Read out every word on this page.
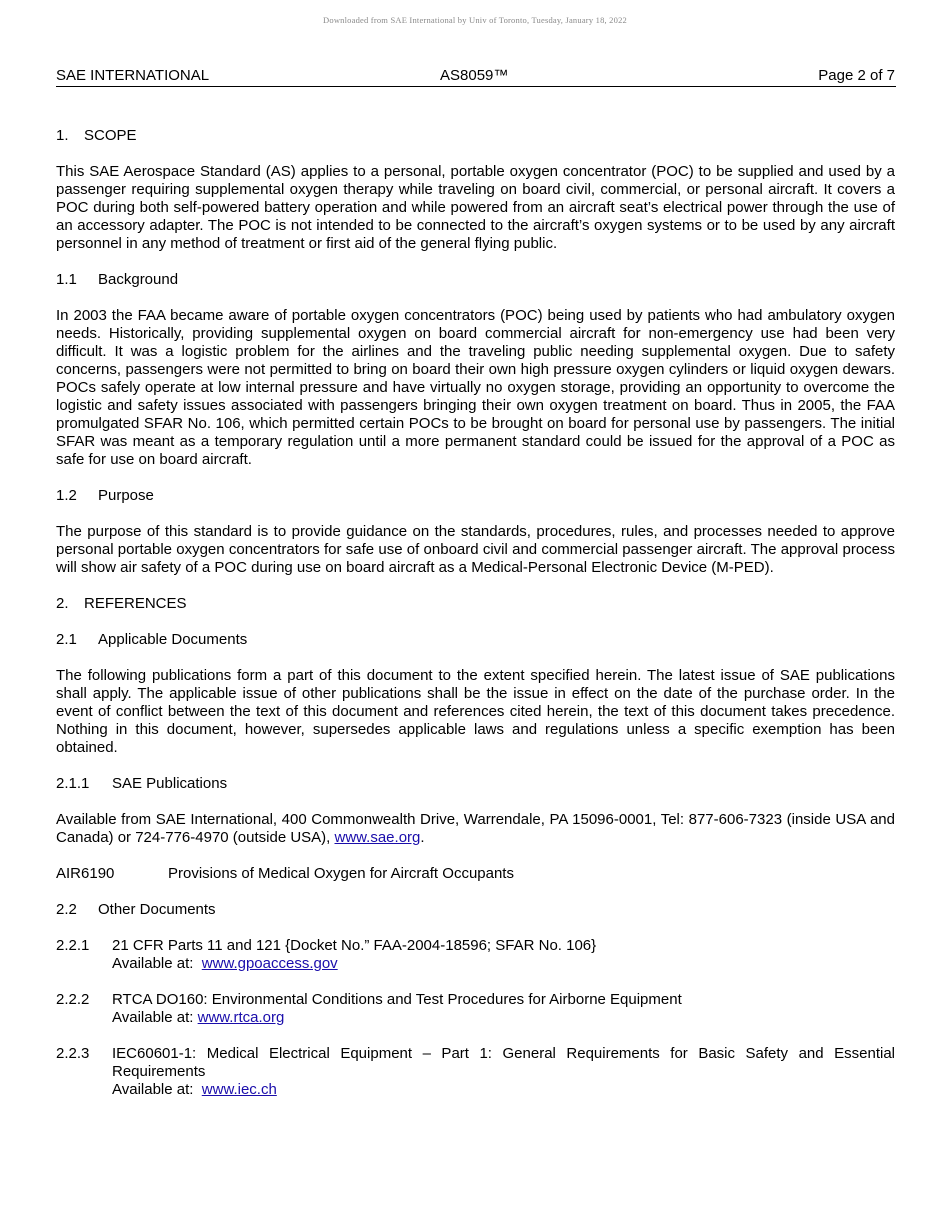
Downloaded from SAE International by Univ of Toronto, Tuesday, January 18, 2022
SAE INTERNATIONAL	AS8059™	Page 2 of 7
1. SCOPE

This SAE Aerospace Standard (AS) applies to a personal, portable oxygen concentrator (POC) to be supplied and used by a passenger requiring supplemental oxygen therapy while traveling on board civil, commercial, or personal aircraft. It covers a POC during both self-powered battery operation and while powered from an aircraft seat’s electrical power through the use of an accessory adapter. The POC is not intended to be connected to the aircraft’s oxygen systems or to be used by any aircraft personnel in any method of treatment or first aid of the general flying public.

1.1 Background

In 2003 the FAA became aware of portable oxygen concentrators (POC) being used by patients who had ambulatory oxygen needs. Historically, providing supplemental oxygen on board commercial aircraft for non-emergency use had been very difficult. It was a logistic problem for the airlines and the traveling public needing supplemental oxygen. Due to safety concerns, passengers were not permitted to bring on board their own high pressure oxygen cylinders or liquid oxygen dewars. POCs safely operate at low internal pressure and have virtually no oxygen storage, providing an opportunity to overcome the logistic and safety issues associated with passengers bringing their own oxygen treatment on board. Thus in 2005, the FAA promulgated SFAR No. 106, which permitted certain POCs to be brought on board for personal use by passengers. The initial SFAR was meant as a temporary regulation until a more permanent standard could be issued for the approval of a POC as safe for use on board aircraft.

1.2 Purpose

The purpose of this standard is to provide guidance on the standards, procedures, rules, and processes needed to approve personal portable oxygen concentrators for safe use of onboard civil and commercial passenger aircraft. The approval process will show air safety of a POC during use on board aircraft as a Medical-Personal Electronic Device (M-PED).

2. REFERENCES
2.1 Applicable Documents

The following publications form a part of this document to the extent specified herein. The latest issue of SAE publications shall apply. The applicable issue of other publications shall be the issue in effect on the date of the purchase order. In the event of conflict between the text of this document and references cited herein, the text of this document takes precedence. Nothing in this document, however, supersedes applicable laws and regulations unless a specific exemption has been obtained.

2.1.1 SAE Publications

Available from SAE International, 400 Commonwealth Drive, Warrendale, PA 15096-0001, Tel: 877-606-7323 (inside USA and Canada) or 724-776-4970 (outside USA), www.sae.org.

AIR6190	Provisions of Medical Oxygen for Aircraft Occupants
2.2 Other Documents
2.2.1 21 CFR Parts 11 and 121 {Docket No.” FAA-2004-18596; SFAR No. 106}
Available at:  www.gpoaccess.gov
2.2.2 RTCA DO160: Environmental Conditions and Test Procedures for Airborne Equipment
Available at: www.rtca.org
2.2.3 IEC60601-1: Medical Electrical Equipment – Part 1: General Requirements for Basic Safety and Essential Requirements
Available at:  www.iec.ch
